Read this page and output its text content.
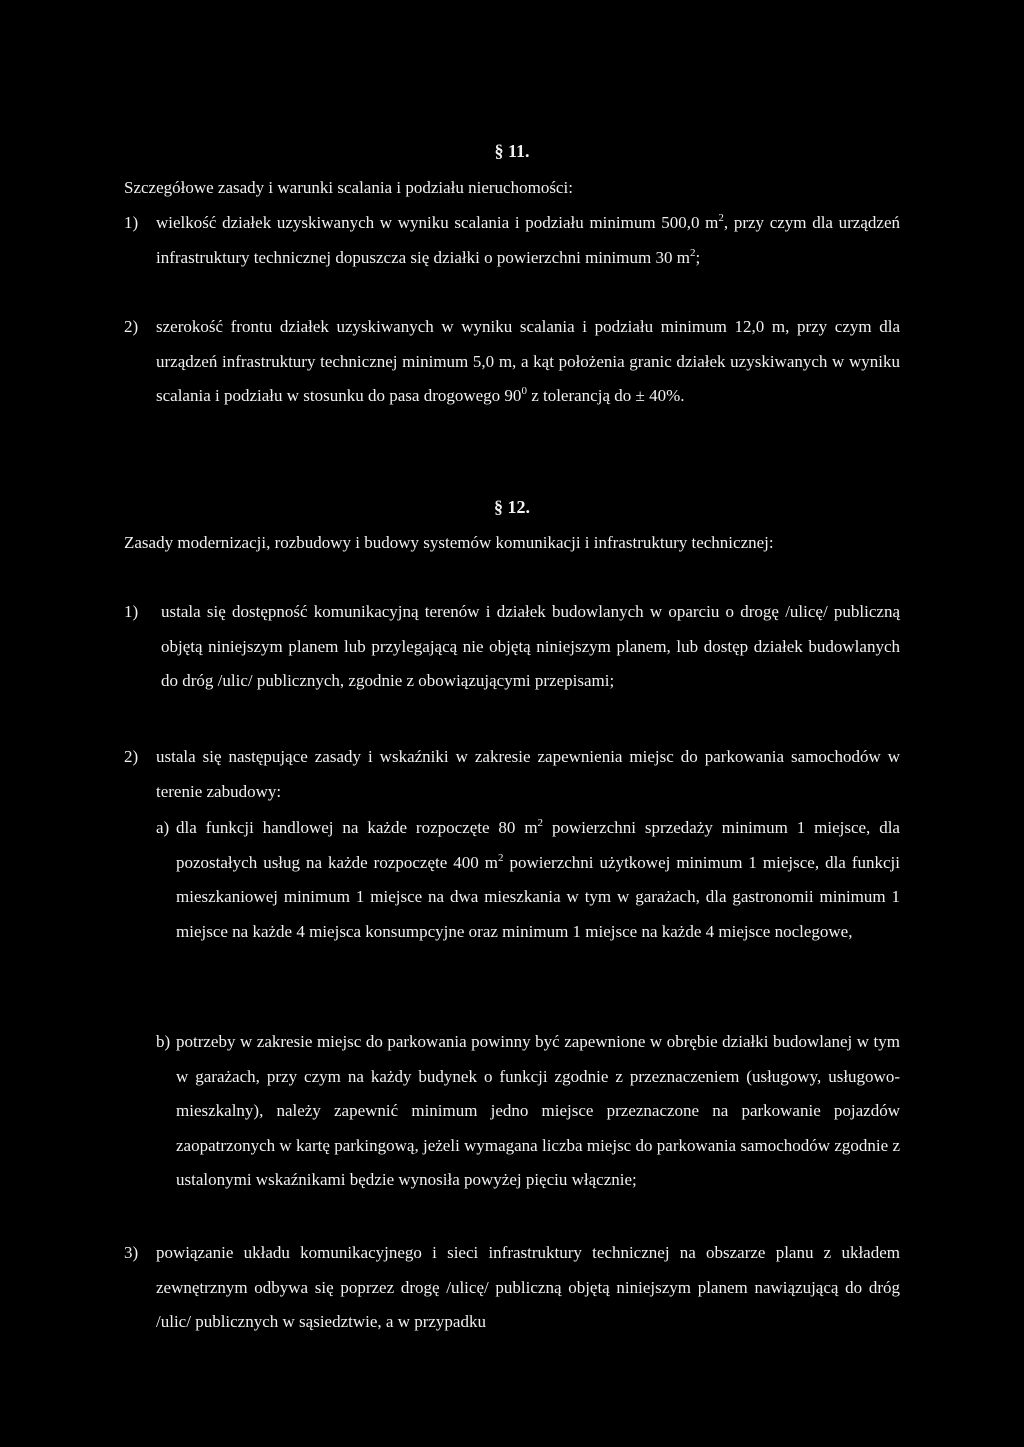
§ 11.
Szczegółowe zasady i warunki scalania i podziału nieruchomości:
1)	wielkość działek uzyskiwanych w wyniku scalania i podziału minimum 500,0 $m^2$, przy czym dla urządzeń infrastruktury technicznej dopuszcza się działki o powierzchni minimum 30 $m^2$;
2)	szerokość frontu działek uzyskiwanych w wyniku scalania i podziału minimum 12,0 m, przy czym dla urządzeń infrastruktury technicznej minimum 5,0 m, a kąt położenia granic działek uzyskiwanych w wyniku scalania i podziału w stosunku do pasa drogowego $90^0$ z tolerancją do ± 40%.
§ 12.
Zasady modernizacji, rozbudowy i budowy systemów komunikacji i infrastruktury technicznej:
1)	ustala się dostępność komunikacyjną terenów i działek budowlanych w oparciu o drogę /ulicę/ publiczną objętą niniejszym planem lub przylegającą nie objętą niniejszym planem, lub dostęp działek budowlanych do dróg /ulic/ publicznych, zgodnie z obowiązującymi przepisami;
2)	ustala się następujące zasady i wskaźniki w zakresie zapewnienia miejsc do parkowania samochodów w terenie zabudowy:
a) dla funkcji handlowej na każde rozpoczęte 80 $m^2$ powierzchni sprzedaży minimum 1 miejsce, dla pozostałych usług na każde rozpoczęte 400 $m^2$ powierzchni użytkowej minimum 1 miejsce, dla funkcji mieszkaniowej minimum 1 miejsce na dwa mieszkania w tym w garażach, dla gastronomii minimum 1 miejsce na każde 4 miejsca konsumpcyjne oraz minimum 1 miejsce na każde 4 miejsce noclegowe,
b) potrzeby w zakresie miejsc do parkowania powinny być zapewnione w obrębie działki budowlanej w tym w garażach, przy czym na każdy budynek o funkcji zgodnie z przeznaczeniem (usługowy, usługowo-mieszkalny), należy zapewnić minimum jedno miejsce przeznaczone na parkowanie pojazdów zaopatrzonych w kartę parkingową, jeżeli wymagana liczba miejsc do parkowania samochodów zgodnie z ustalonymi wskaźnikami będzie wynosiła powyżej pięciu włącznie;
3)	powiązanie układu komunikacyjnego i sieci infrastruktury technicznej na obszarze planu z układem zewnętrznym odbywa się poprzez drogę /ulicę/ publiczną objętą niniejszym planem nawiązującą do dróg /ulic/ publicznych w sąsiedztwie, a w przypadku
